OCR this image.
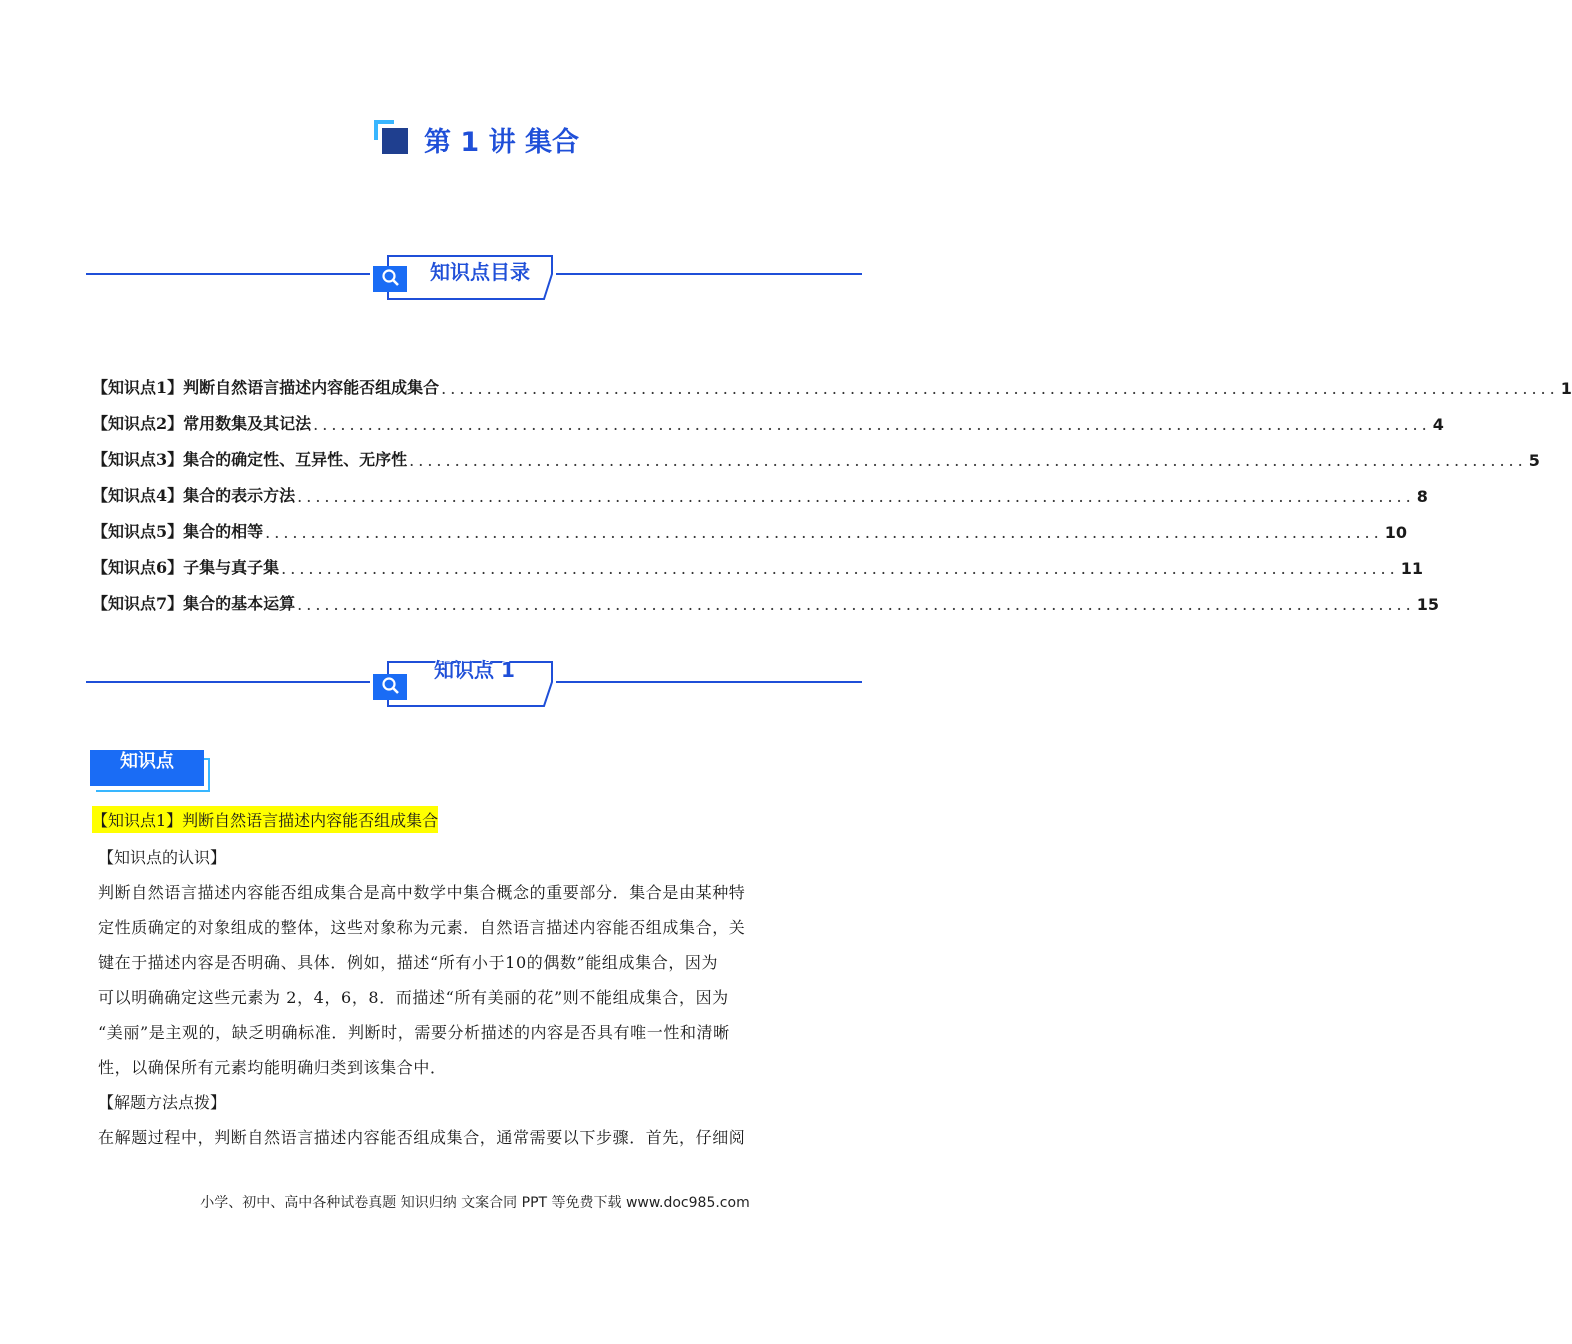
第 1 讲 集合
知识点目录
【知识点1】判断自然语言描述内容能否组成集合 ........................................................................................................................... 1
【知识点2】常用数集及其记法 ........................................................................................................................... 4
【知识点3】集合的确定性、互异性、无序性 ........................................................................................................................... 5
【知识点4】集合的表示方法 ........................................................................................................................... 8
【知识点5】集合的相等 ........................................................................................................................... 10
【知识点6】子集与真子集 ........................................................................................................................... 11
【知识点7】集合的基本运算 ........................................................................................................................... 15
知识点 1
知识点
【知识点1】判断自然语言描述内容能否组成集合
【知识点的认识】
判断自然语言描述内容能否组成集合是高中数学中集合概念的重要部分．集合是由某种特
定性质确定的对象组成的整体，这些对象称为元素．自然语言描述内容能否组成集合，关
键在于描述内容是否明确、具体．例如，描述“所有小于10的偶数”能组成集合，因为
可以明确确定这些元素为 2，4，6，8．而描述“所有美丽的花”则不能组成集合，因为
“美丽”是主观的，缺乏明确标准．判断时，需要分析描述的内容是否具有唯一性和清晰
性，以确保所有元素均能明确归类到该集合中．
【解题方法点拨】
在解题过程中，判断自然语言描述内容能否组成集合，通常需要以下步骤．首先，仔细阅
小学、初中、高中各种试卷真题 知识归纳 文案合同 PPT 等免费下载 www.doc985.com
